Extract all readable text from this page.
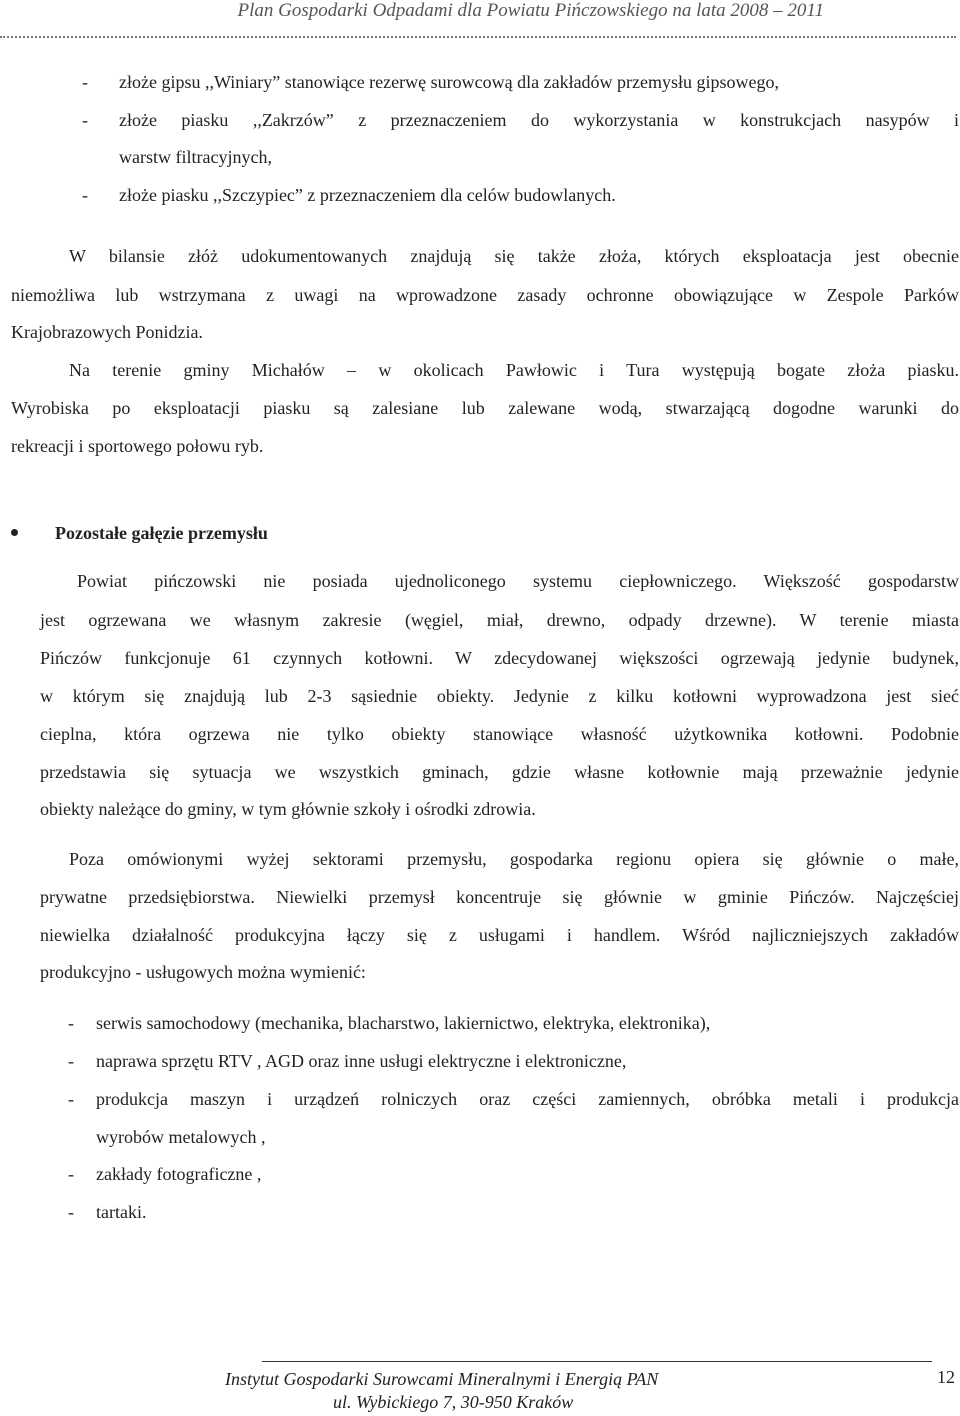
Plan Gospodarki Odpadami dla Powiatu Pińczowskiego na lata 2008 – 2011
- złoże gipsu ,,Winiary” stanowiące rezerwę surowcową dla zakładów przemysłu gipsowego,
- złoże piasku ,,Zakrzów” z przeznaczeniem do wykorzystania w konstrukcjach nasypów i
warstw filtracyjnych,
- złoże piasku ,,Szczypiec” z przeznaczeniem dla celów budowlanych.
W bilansie złóż udokumentowanych znajdują się także złoża, których eksploatacja jest obecnie
niemożliwa lub wstrzymana z uwagi na wprowadzone zasady ochronne obowiązujące w Zespole Parków
Krajobrazowych Ponidzia.
Na terenie gminy Michałów – w okolicach Pawłowic i Tura występują bogate złoża piasku.
Wyrobiska po eksploatacji piasku są zalesiane lub zalewane wodą, stwarzającą dogodne warunki do
rekreacji i sportowego połowu ryb.
Pozostałe gałęzie przemysłu
Powiat pińczowski nie posiada ujednoliconego systemu ciepłowniczego. Większość gospodarstw
jest ogrzewana we własnym zakresie (węgiel, miał, drewno, odpady drzewne). W terenie miasta
Pińczów funkcjonuje 61 czynnych kotłowni. W zdecydowanej większości ogrzewają jedynie budynek,
w którym się znajdują lub 2-3 sąsiednie obiekty. Jedynie z kilku kotłowni wyprowadzona jest sieć
cieplna, która ogrzewa nie tylko obiekty stanowiące własność użytkownika kotłowni. Podobnie
przedstawia się sytuacja we wszystkich gminach, gdzie własne kotłownie mają przeważnie jedynie
obiekty należące do gminy, w tym głównie szkoły i ośrodki zdrowia.
Poza omówionymi wyżej sektorami przemysłu, gospodarka regionu opiera się głównie o małe,
prywatne przedsiębiorstwa. Niewielki przemysł koncentruje się głównie w gminie Pińczów. Najczęściej
niewielka działalność produkcyjna łączy się z usługami i handlem. Wśród najliczniejszych zakładów
produkcyjno - usługowych można wymienić:
- serwis samochodowy (mechanika, blacharstwo, lakiernictwo, elektryka, elektronika),
- naprawa sprzętu RTV , AGD oraz inne usługi elektryczne i elektroniczne,
- produkcja maszyn i urządzeń rolniczych oraz części zamiennych, obróbka metali i produkcja
wyrobów metalowych ,
- zakłady fotograficzne ,
- tartaki.
Instytut Gospodarki Surowcami Mineralnymi i Energią PAN
ul. Wybickiego 7, 30-950 Kraków
12
